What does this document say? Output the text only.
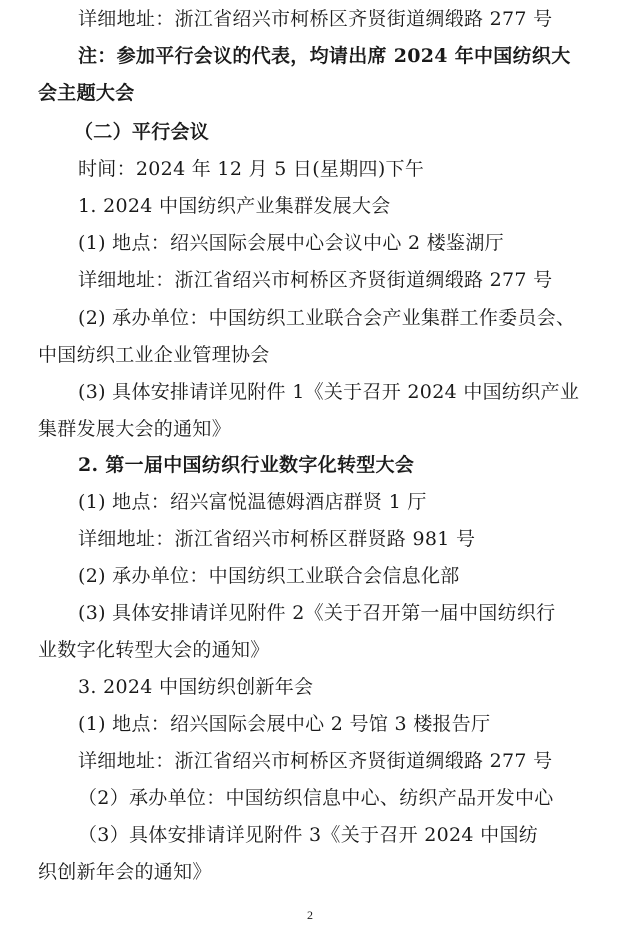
详细地址：浙江省绍兴市柯桥区齐贤街道绸缎路 277 号
注：参加平行会议的代表，均请出席 2024 年中国纺织大
会主题大会
（二）平行会议
时间：2024 年 12 月 5 日(星期四)下午
1. 2024 中国纺织产业集群发展大会
(1) 地点：绍兴国际会展中心会议中心 2 楼鉴湖厅
详细地址：浙江省绍兴市柯桥区齐贤街道绸缎路 277 号
(2) 承办单位：中国纺织工业联合会产业集群工作委员会、
中国纺织工业企业管理协会
(3) 具体安排请详见附件 1《关于召开 2024 中国纺织产业
集群发展大会的通知》
2. 第一届中国纺织行业数字化转型大会
(1) 地点：绍兴富悦温德姆酒店群贤 1 厅
详细地址：浙江省绍兴市柯桥区群贤路 981 号
(2) 承办单位：中国纺织工业联合会信息化部
(3) 具体安排请详见附件 2《关于召开第一届中国纺织行
业数字化转型大会的通知》
3. 2024 中国纺织创新年会
(1) 地点：绍兴国际会展中心 2 号馆 3 楼报告厅
详细地址：浙江省绍兴市柯桥区齐贤街道绸缎路 277 号
（2）承办单位：中国纺织信息中心、纺织产品开发中心
（3）具体安排请详见附件 3《关于召开 2024 中国纺
织创新年会的通知》
2
